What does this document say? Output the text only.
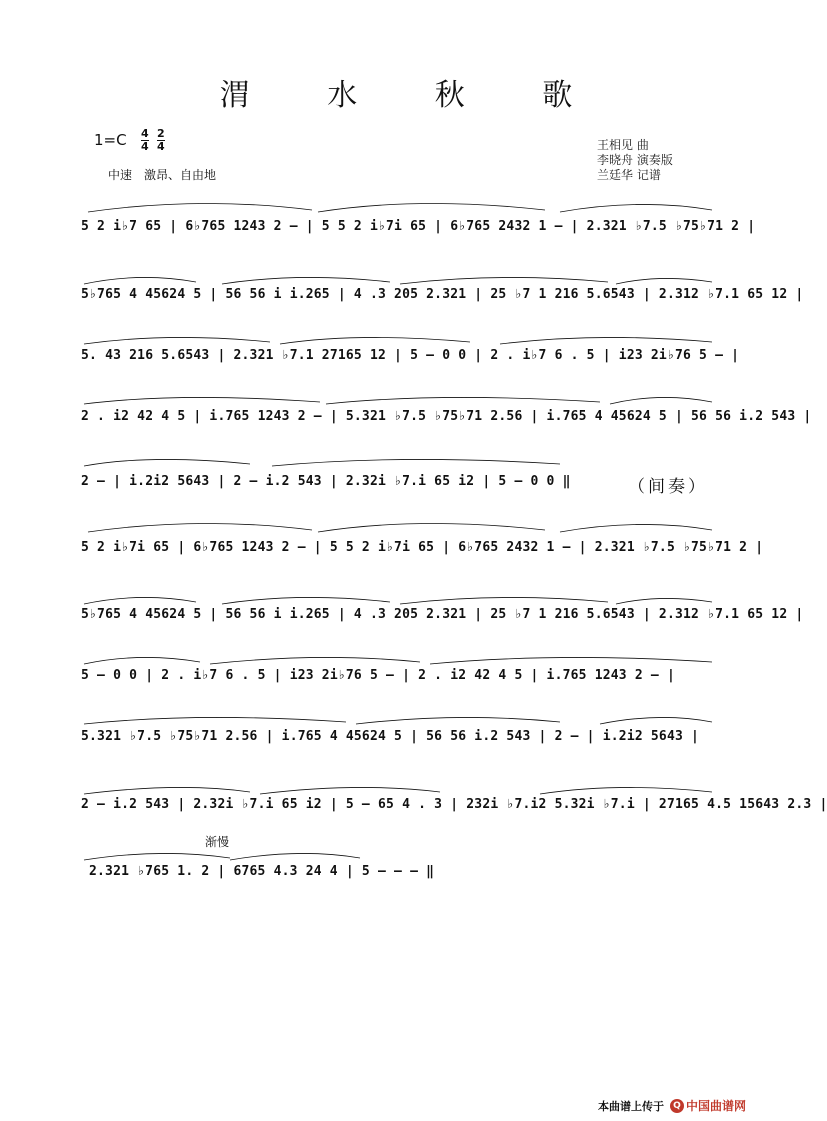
渭 水 秋 歌
1=C 4
4
2
4
中速　激昂、自由地
王相见 曲
李晓舟 演奏版
兰廷华 记谱
5 2 i♭7 65 | 6♭765 1243 2 – | 5 5 2 i♭7i 65 | 6♭765 2432 1 – | 2.321 ♭7.5 ♭75♭71 2 |
5♭765 4 45624 5 | 56 56 i i.265 | 4 .3 205 2.321 | 25 ♭7 1 216 5.6543 | 2.312 ♭7.1 65 12 |
5. 43 216 5.6543 | 2.321 ♭7.1 27165 12 | 5 – 0 0 | 2 . i♭7 6 . 5 | i23 2i♭76 5 – |
2 . i2 42 4 5 | i.765 1243 2 – | 5.321 ♭7.5 ♭75♭71 2.56 | i.765 4 45624 5 | 56 56 i.2 543 |
2 – | i.2i2 5643 | 2 – i.2 543 | 2.32i ♭7.i 65 i2 | 5 – 0 0 ‖	（间奏）
5 2 i♭7i 65 | 6♭765 1243 2 – | 5 5 2 i♭7i 65 | 6♭765 2432 1 – | 2.321 ♭7.5 ♭75♭71 2 |
5♭765 4 45624 5 | 56 56 i i.265 | 4 .3 205 2.321 | 25 ♭7 1 216 5.6543 | 2.312 ♭7.1 65 12 |
5 – 0 0 | 2 . i♭7 6 . 5 | i23 2i♭76 5 – | 2 . i2 42 4 5 | i.765 1243 2 – |
5.321 ♭7.5 ♭75♭71 2.56 | i.765 4 45624 5 | 56 56 i.2 543 | 2 – | i.2i2 5643 |
2 – i.2 543 | 2.32i ♭7.i 65 i2 | 5 – 65 4 . 3 | 232i ♭7.i2 5.32i ♭7.i | 27165 4.5 15643 2.3 |
渐慢
2.321 ♭765 1. 2 | 6765 4.3 24 4 | 5 – – – ‖
本曲谱上传于	Q 中国曲谱网
